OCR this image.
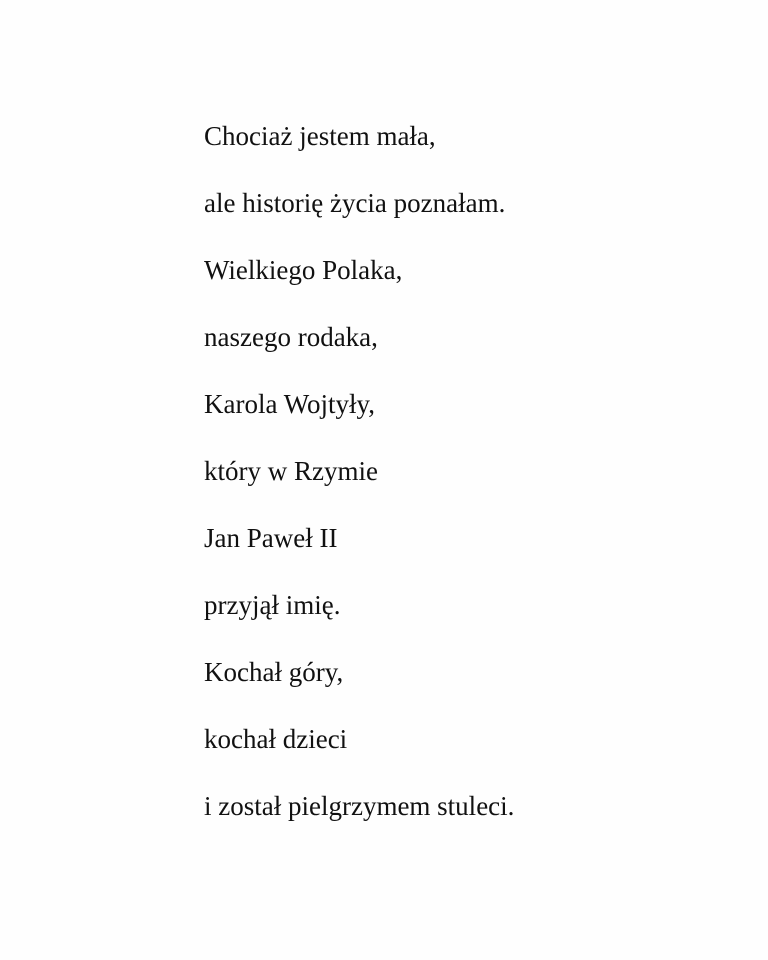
Chociaż jestem mała,
ale historię życia poznałam.
Wielkiego Polaka,
naszego rodaka,
Karola Wojtyły,
który w Rzymie
Jan Paweł II
przyjął imię.
Kochał góry,
kochał dzieci
i został pielgrzymem stuleci.
